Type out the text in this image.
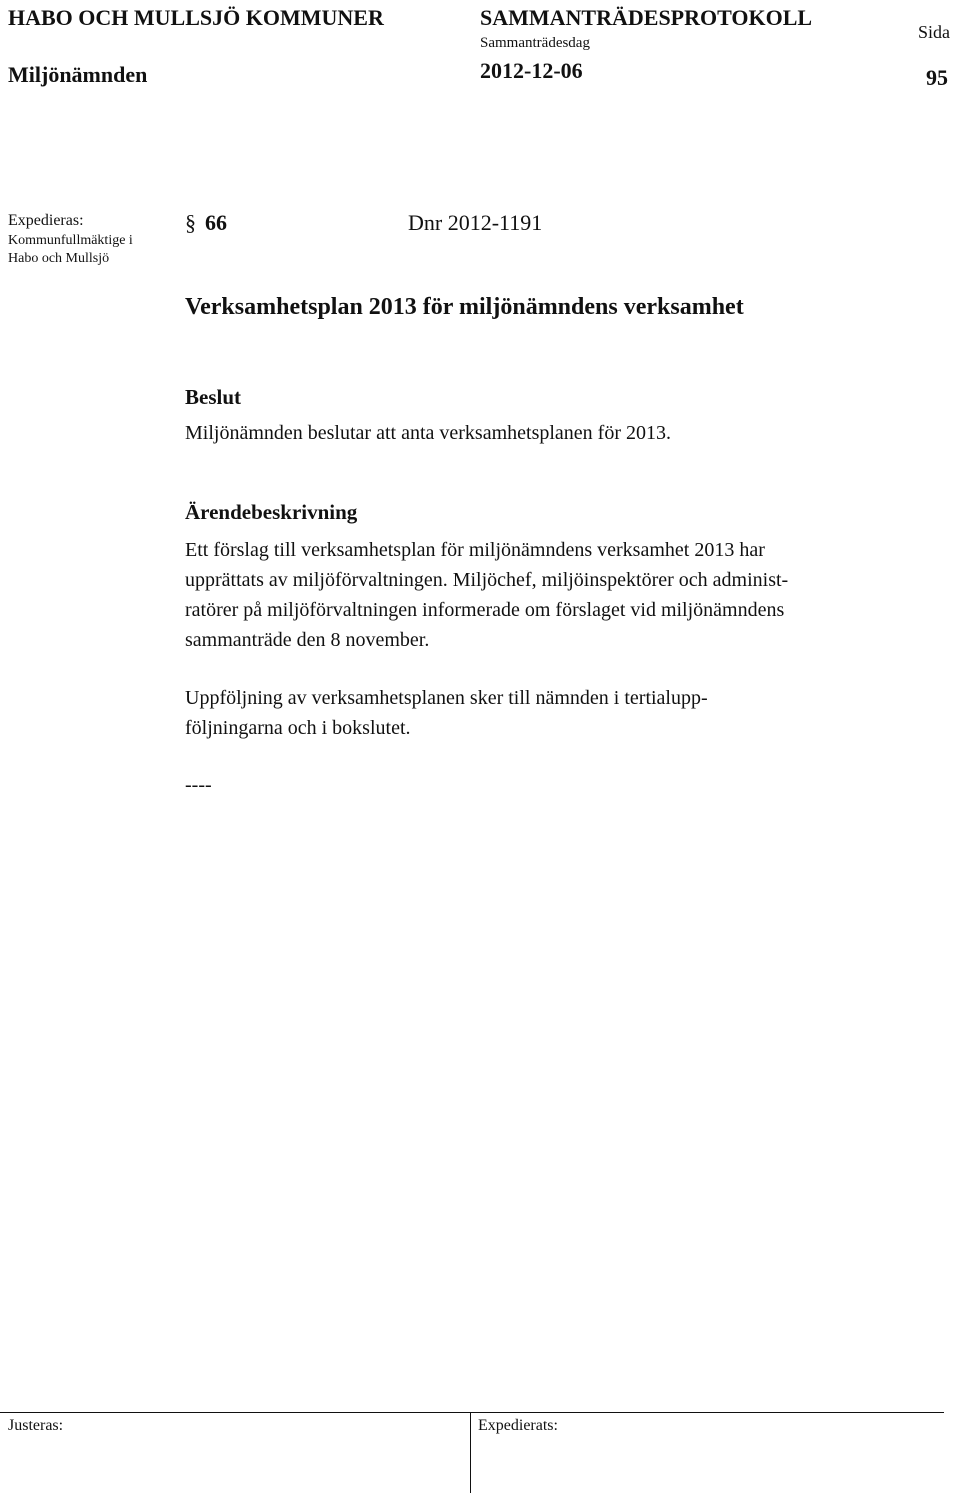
HABO OCH MULLSJÖ KOMMUNER	SAMMANTRÄDESPROTOKOLL
Sida
Sammanträdesdag
Miljönämnden	2012-12-06	95
Expedieras:
Kommunfullmäktige i
Habo och Mullsjö
§ 66	Dnr 2012-1191
Verksamhetsplan 2013 för miljönämndens verksamhet
Beslut
Miljönämnden beslutar att anta verksamhetsplanen för 2013.
Ärendebeskrivning
Ett förslag till verksamhetsplan för miljönämndens verksamhet 2013 har
upprättats av miljöförvaltningen. Miljöchef, miljöinspektörer och administ-
ratörer på miljöförvaltningen informerade om förslaget vid miljönämndens
sammanträde den 8 november.
Uppföljning av verksamhetsplanen sker till nämnden i tertialupp-
följningarna och i bokslutet.
----
Justeras:	Expedierats:
